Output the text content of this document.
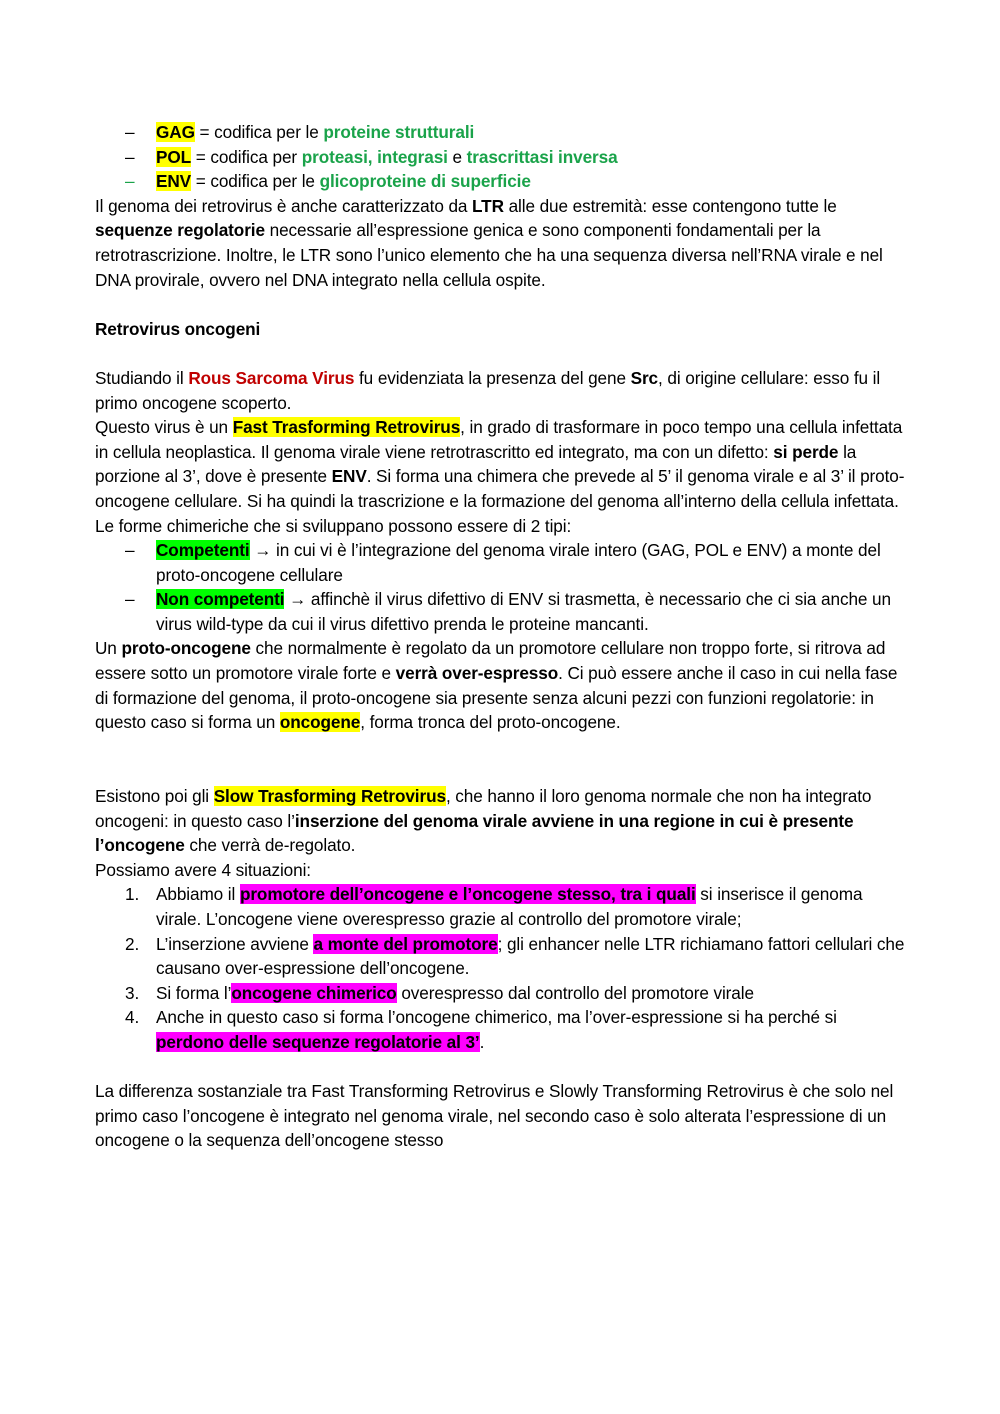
– GAG = codifica per le proteine strutturali
– POL = codifica per proteasi, integrasi e trascrittasi inversa
– ENV = codifica per le glicoproteine di superficie

Il genoma dei retrovirus è anche caratterizzato da LTR alle due estremità: esse contengono tutte le sequenze regolatorie necessarie all’espressione genica e sono componenti fondamentali per la retrotrascrizione. Inoltre, le LTR sono l’unico elemento che ha una sequenza diversa nell’RNA virale e nel DNA provirale, ovvero nel DNA integrato nella cellula ospite.

Retrovirus oncogeni

Studiando il Rous Sarcoma Virus fu evidenziata la presenza del gene Src, di origine cellulare: esso fu il primo oncogene scoperto.

Questo virus è un Fast Trasforming Retrovirus, in grado di trasformare in poco tempo una cellula infettata in cellula neoplastica. Il genoma virale viene retrotrascritto ed integrato, ma con un difetto: si perde la porzione al 3’, dove è presente ENV. Si forma una chimera che prevede al 5’ il genoma virale e al 3’ il proto-oncogene cellulare. Si ha quindi la trascrizione e la formazione del genoma all’interno della cellula infettata. Le forme chimeriche che si sviluppano possono essere di 2 tipi:

– Competenti → in cui vi è l’integrazione del genoma virale intero (GAG, POL e ENV) a monte del proto-oncogene cellulare
– Non competenti → affinchè il virus difettivo di ENV si trasmetta, è necessario che ci sia anche un virus wild-type da cui il virus difettivo prenda le proteine mancanti.

Un proto-oncogene che normalmente è regolato da un promotore cellulare non troppo forte, si ritrova ad essere sotto un promotore virale forte e verrà over-espresso. Ci può essere anche il caso in cui nella fase di formazione del genoma, il proto-oncogene sia presente senza alcuni pezzi con funzioni regolatorie: in questo caso si forma un oncogene, forma tronca del proto-oncogene.

Esistono poi gli Slow Trasforming Retrovirus, che hanno il loro genoma normale che non ha integrato oncogeni: in questo caso l’inserzione del genoma virale avviene in una regione in cui è presente l’oncogene che verrà de-regolato.

Possiamo avere 4 situazioni:

1. Abbiamo il promotore dell’oncogene e l’oncogene stesso, tra i quali si inserisce il genoma virale. L’oncogene viene overespresso grazie al controllo del promotore virale;
2. L’inserzione avviene a monte del promotore; gli enhancer nelle LTR richiamano fattori cellulari che causano over-espressione dell’oncogene.
3. Si forma l’oncogene chimerico overespresso dal controllo del promotore virale
4. Anche in questo caso si forma l’oncogene chimerico, ma l’over-espressione si ha perché si perdono delle sequenze regolatorie al 3’.

La differenza sostanziale tra Fast Transforming Retrovirus e Slowly Transforming Retrovirus è che solo nel primo caso l’oncogene è integrato nel genoma virale, nel secondo caso è solo alterata l’espressione di un oncogene o la sequenza dell’oncogene stesso
